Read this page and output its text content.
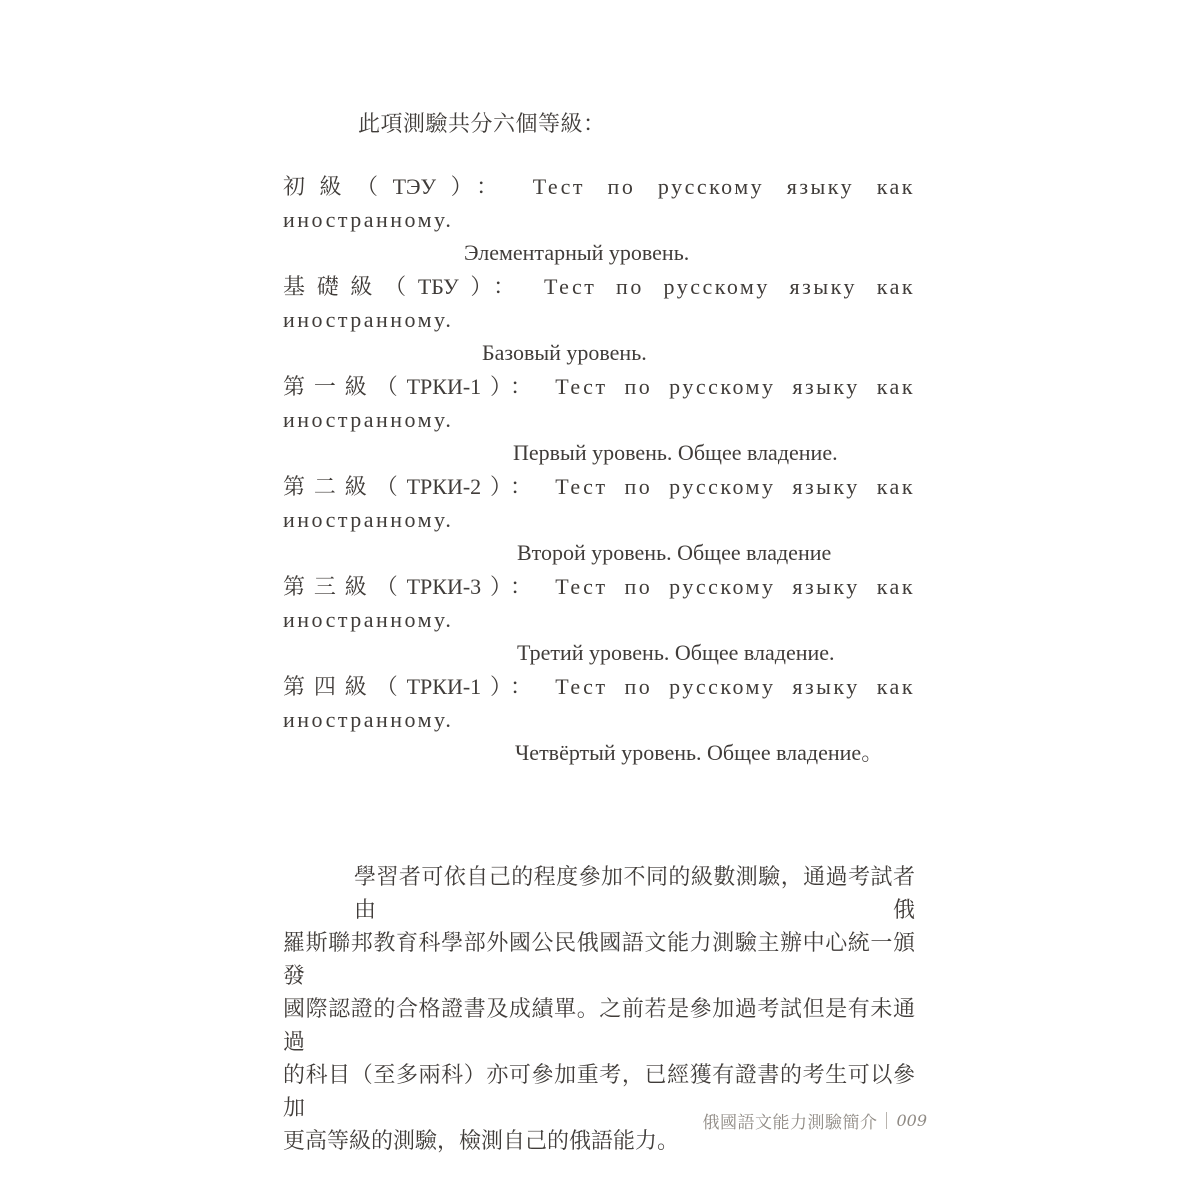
此項測驗共分六個等級：
初級（ТЭУ）： Тест по русскому языку как иностранному.
Элементарный уровень.
基礎級（ТБУ）： Тест по русскому языку как иностранному.
Базовый уровень.
第一級（ТРКИ-1）： Тест по русскому языку как иностранному.
Первый уровень. Общее владение.
第二級（ТРКИ-2）： Тест по русскому языку как иностранному.
Второй уровень. Общее владение
第三級（ТРКИ-3）： Тест по русскому языку как иностранному.
Третий уровень. Общее владение.
第四級（ТРКИ-1）： Тест по русскому языку как иностранному.
Четвёртый уровень. Общее владение。
學習者可依自己的程度參加不同的級數測驗，通過考試者由俄
羅斯聯邦教育科學部外國公民俄國語文能力測驗主辦中心統一頒發
國際認證的合格證書及成績單。之前若是參加過考試但是有未通過
的科目（至多兩科）亦可參加重考，已經獲有證書的考生可以參加
更高等級的測驗，檢測自己的俄語能力。
俄國語文能力測驗簡介 009
